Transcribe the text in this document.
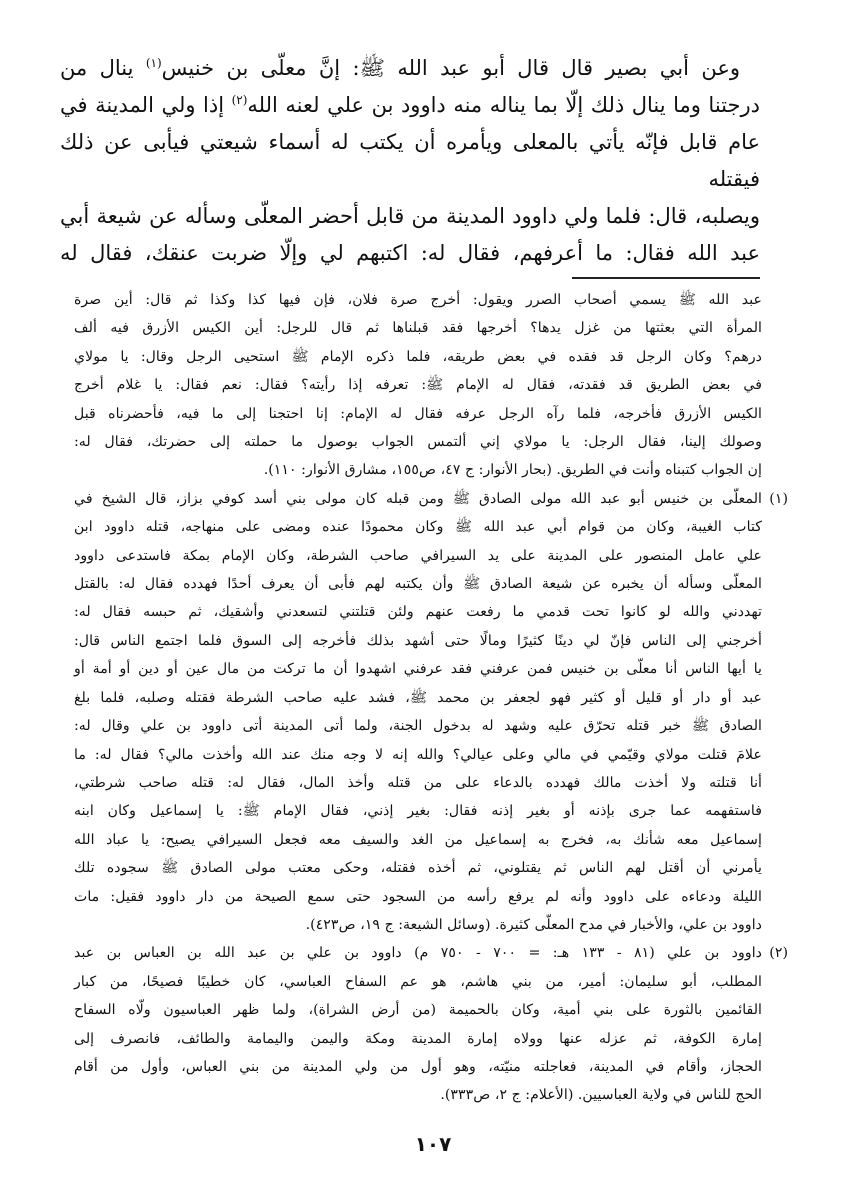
وعن أبي بصير قال قال أبو عبد الله ﷺ: إنَّ معلّى بن خنيس$^{(١)}$ ينال من

درجتنا وما ينال ذلك إلّا بما يناله منه داوود بن علي لعنه الله$^{(٢)}$ إذا ولي المدينة في

عام قابل فإنّه يأتي بالمعلى ويأمره أن يكتب له أسماء شيعتي فيأبى عن ذلك فيقتله

ويصلبه، قال: فلما ولي داوود المدينة من قابل أحضر المعلّى وسأله عن شيعة أبي

عبد الله فقال: ما أعرفهم، فقال له: اكتبهم لي وإلّا ضربت عنقك، فقال له

عبد الله ﷺ يسمي أصحاب الصرر ويقول: أخرج صرة فلان، فإن فيها كذا وكذا ثم قال: أين صرة

المرأة التي بعثتها من غزل يدها؟ أخرجها فقد قبلناها ثم قال للرجل: أين الكيس الأزرق فيه ألف

درهم؟ وكان الرجل قد فقده في بعض طريقه، فلما ذكره الإمام ﷺ استحيى الرجل وقال: يا مولاي

في بعض الطريق قد فقدته، فقال له الإمام ﷺ: تعرفه إذا رأيته؟ فقال: نعم فقال: يا غلام أخرج

الكيس الأزرق فأخرجه، فلما رآه الرجل عرفه فقال له الإمام: إنا احتجنا إلى ما فيه، فأحضرناه قبل

وصولك إلينا، فقال الرجل: يا مولاي إني ألتمس الجواب بوصول ما حملته إلى حضرتك، فقال له:

إن الجواب كتبناه وأنت في الطريق. (بحار الأنوار: ج ٤٧، ص١٥٥، مشارق الأنوار: ١١٠).

(١)

المعلّى بن خنيس أبو عبد الله مولى الصادق ﷺ ومن قبله كان مولى بني أسد كوفي بزاز، قال الشيخ في

كتاب الغيبة، وكان من قوام أبي عبد الله ﷺ وكان محمودًا عنده ومضى على منهاجه، قتله داوود ابن

علي عامل المنصور على المدينة على يد السيرافي صاحب الشرطة، وكان الإمام بمكة فاستدعى داوود

المعلّى وسأله أن يخبره عن شيعة الصادق ﷺ وأن يكتبه لهم فأبى أن يعرف أحدًا فهدده فقال له: بالقتل

تهددني والله لو كانوا تحت قدمي ما رفعت عنهم ولئن قتلتني لتسعدني وأشقيك، ثم حبسه فقال له:

أخرجني إلى الناس فإنّ لي دينًا كثيرًا ومالًا حتى أشهد بذلك فأخرجه إلى السوق فلما اجتمع الناس قال:

يا أيها الناس أنا معلّى بن خنيس فمن عرفني فقد عرفني اشهدوا أن ما تركت من مال عين أو دين أو أمة أو

عبد أو دار أو قليل أو كثير فهو لجعفر بن محمد ﷺ، فشد عليه صاحب الشرطة فقتله وصلبه، فلما بلغ

الصادق ﷺ خبر قتله تحرّق عليه وشهد له بدخول الجنة، ولما أتى المدينة أتى داوود بن علي وقال له:

علامَ قتلت مولاي وقيّمي في مالي وعلى عيالي؟ والله إنه لا وجه منك عند الله وأخذت مالي؟ فقال له: ما

أنا قتلته ولا أخذت مالك فهدده بالدعاء على من قتله وأخذ المال، فقال له: قتله صاحب شرطتي،

فاستفهمه عما جرى بإذنه أو بغير إذنه فقال: بغير إذني، فقال الإمام ﷺ: يا إسماعيل وكان ابنه

إسماعيل معه شأنك به، فخرج به إسماعيل من الغد والسيف معه فجعل السيرافي يصيح: يا عباد الله

يأمرني أن أقتل لهم الناس ثم يقتلوني، ثم أخذه فقتله، وحكى معتب مولى الصادق ﷺ سجوده تلك

الليلة ودعاءه على داوود وأنه لم يرفع رأسه من السجود حتى سمع الصيحة من دار داوود فقيل: مات

داوود بن علي، والأخبار في مدح المعلّى كثيرة. (وسائل الشيعة: ج ١٩، ص٤٢٣).

(٢)

داوود بن علي (٨١ - ١٣٣ هـ: = ٧٠٠ - ٧٥٠ م) داوود بن علي بن عبد الله بن العباس بن عبد

المطلب، أبو سليمان: أمير، من بني هاشم، هو عم السفاح العباسي، كان خطيبًا فصيحًا، من كبار

القائمين بالثورة على بني أمية، وكان بالحميمة (من أرض الشراة)، ولما ظهر العباسيون ولّاه السفاح

إمارة الكوفة، ثم عزله عنها وولاه إمارة المدينة ومكة واليمن واليمامة والطائف، فانصرف إلى

الحجاز، وأقام في المدينة، فعاجلته منيّته، وهو أول من ولي المدينة من بني العباس، وأول من أقام

الحج للناس في ولاية العباسيين. (الأعلام: ج ٢، ص٣٣٣).

١٠٧
